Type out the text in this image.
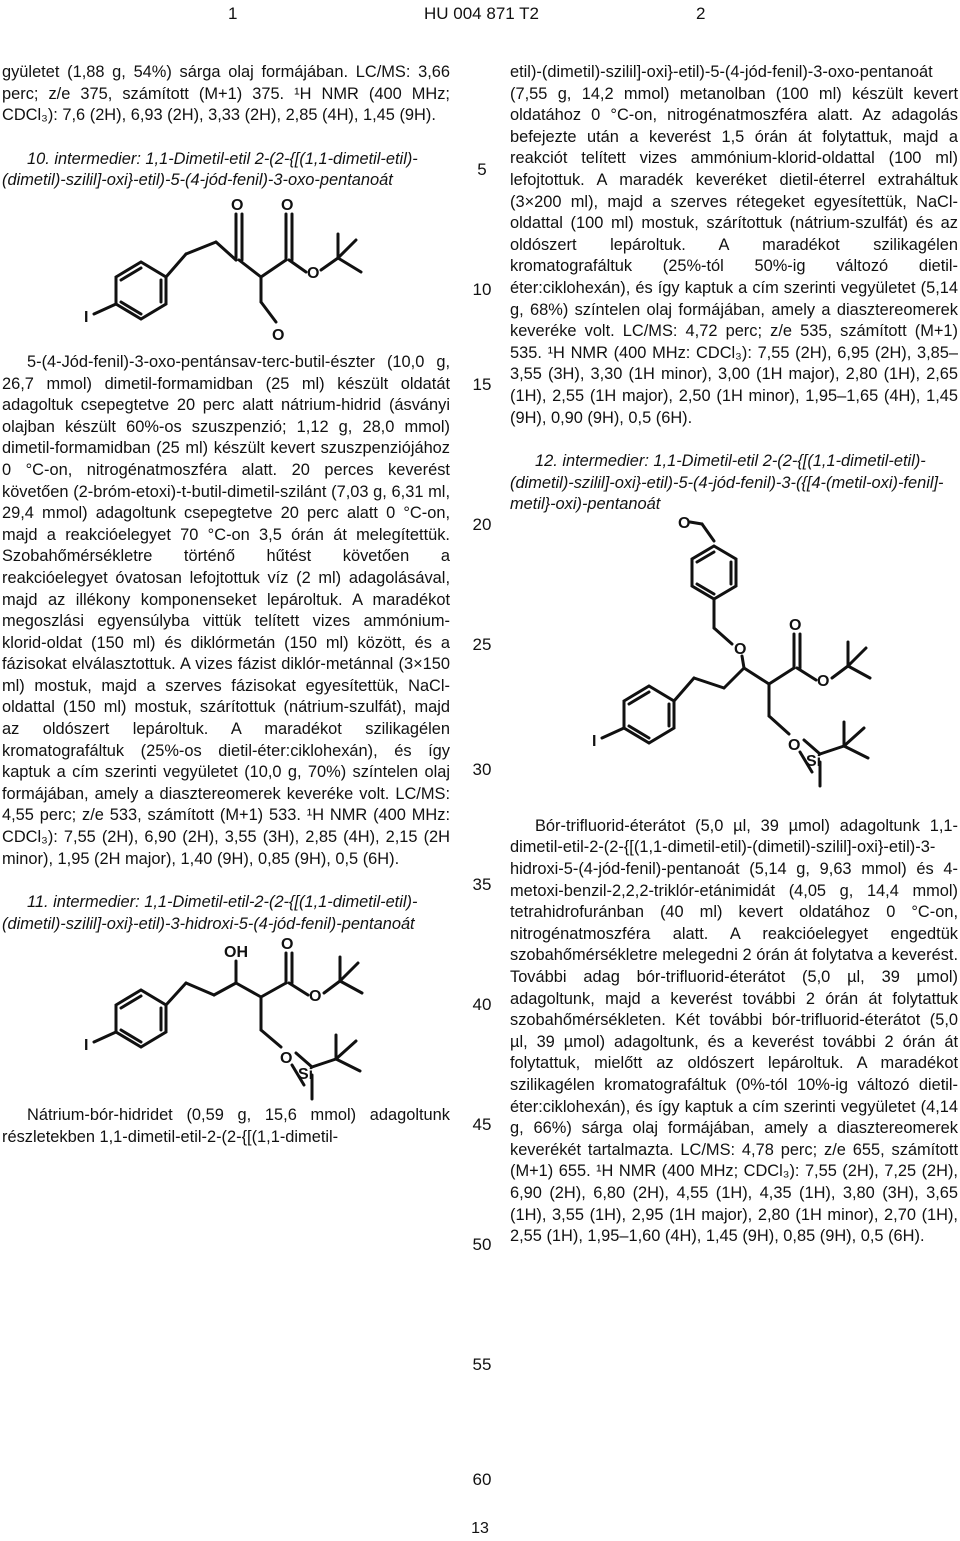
1	HU 004 871 T2	2

gyületet (1,88 g, 54%) sárga olaj formájában. LC/MS: 3,66 perc; z/e 375, számított (M+1) 375. ¹H NMR (400 MHz; CDCl₃): 7,6 (2H), 6,93 (2H), 3,33 (2H), 2,85 (4H), 1,45 (9H).

10. intermedier: 1,1-Dimetil-etil 2-(2-{[(1,1-dimetil-etil)-(dimetil)-szilil]-oxi}-etil)-5-(4-jód-fenil)-3-oxo-pentanoát

O O
O
I
O

5-(4-Jód-fenil)-3-oxo-pentánsav-terc-butil-észter (10,0 g, 26,7 mmol) dimetil-formamidban (25 ml) készült oldatát adagoltuk csepegtetve 20 perc alatt nátrium-hidrid (ásványi olajban készült 60%-os szuszpenzió; 1,12 g, 28,0 mmol) dimetil-formamidban (25 ml) készült kevert szuszpenziójához 0 °C-on, nitrogénatmoszféra alatt. 20 perces keverést követően (2-bróm-etoxi)-t-butil-dimetil-szilánt (7,03 g, 6,31 ml, 29,4 mmol) adagoltunk csepegtetve 20 perc alatt 0 °C-on, majd a reakcióelegyet 70 °C-on 3,5 órán át melegítettük. Szobahőmérsékletre történő hűtést követően a reakcióelegyet óvatosan lefojtottuk víz (2 ml) adagolásával, majd az illékony komponenseket lepároltuk. A maradékot megoszlási egyensúlyba vittük telített vizes ammónium-klorid-oldat (150 ml) és diklórmetán (150 ml) között, és a fázisokat elválasztottuk. A vizes fázist diklór-metánnal (3×150 ml) mostuk, majd a szerves fázisokat egyesítettük, NaCl-oldattal (150 ml) mostuk, szárítottuk (nátrium-szulfát), majd az oldószert lepároltuk. A maradékot szilikagélen kromatografáltuk (25%-os dietil-éter:ciklohexán), és így kaptuk a cím szerinti vegyületet (10,0 g, 70%) színtelen olaj formájában, amely a diasztereomerek keveréke volt. LC/MS: 4,55 perc; z/e 533, számított (M+1) 533. ¹H NMR (400 MHz: CDCl₃): 7,55 (2H), 6,90 (2H), 3,55 (3H), 2,85 (4H), 2,15 (2H minor), 1,95 (2H major), 1,40 (9H), 0,85 (9H), 0,5 (6H).

11. intermedier: 1,1-Dimetil-etil-2-(2-{[(1,1-dimetil-etil)-(dimetil)-szilil]-oxi}-etil)-3-hidroxi-5-(4-jód-fenil)-pentanoát

OH O
O
I
O
Si

Nátrium-bór-hidridet (0,59 g, 15,6 mmol) adagoltunk részletekben 1,1-dimetil-etil-2-(2-{[(1,1-dimetil-

5
10
15
20
25
30
35
40
45
50
55
60

etil)-(dimetil)-szilil]-oxi}-etil)-5-(4-jód-fenil)-3-oxo-pentanoát (7,55 g, 14,2 mmol) metanolban (100 ml) készült kevert oldatához 0 °C-on, nitrogénatmoszféra alatt. Az adagolás befejezte után a keverést 1,5 órán át folytattuk, majd a reakciót telített vizes ammónium-klorid-oldattal (100 ml) lefojtottuk. A maradék keveréket dietil-éterrel extraháltuk (3×200 ml), majd a szerves rétegeket egyesítettük, NaCl-oldattal (100 ml) mostuk, szárítottuk (nátrium-szulfát) és az oldószert lepároltuk. A maradékot szilikagélen kromatografáltuk (25%-tól 50%-ig változó dietil-éter:ciklohexán), és így kaptuk a cím szerinti vegyületet (5,14 g, 68%) színtelen olaj formájában, amely a diasztereomerek keveréke volt. LC/MS: 4,72 perc; z/e 535, számított (M+1) 535. ¹H NMR (400 MHz: CDCl₃): 7,55 (2H), 6,95 (2H), 3,85–3,55 (3H), 3,30 (1H minor), 3,00 (1H major), 2,80 (1H), 2,65 (1H), 2,55 (1H major), 2,50 (1H minor), 1,95–1,65 (4H), 1,45 (9H), 0,90 (9H), 0,5 (6H).

12. intermedier: 1,1-Dimetil-etil 2-(2-{[(1,1-dimetil-etil)-(dimetil)-szilil]-oxi}-etil)-5-(4-jód-fenil)-3-({[4-(metil-oxi)-fenil]-metil}-oxi)-pentanoát

O
O
O
O
I	O
Si

Bór-trifluorid-éterátot (5,0 µl, 39 µmol) adagoltunk 1,1-dimetil-etil-2-(2-{[(1,1-dimetil-etil)-(dimetil)-szilil]-oxi}-etil)-3-hidroxi-5-(4-jód-fenil)-pentanoát (5,14 g, 9,63 mmol) és 4-metoxi-benzil-2,2,2-triklór-etánimidát (4,05 g, 14,4 mmol) tetrahidrofuránban (40 ml) kevert oldatához 0 °C-on, nitrogénatmoszféra alatt. A reakcióelegyet engedtük szobahőmérsékletre melegedni 2 órán át folytatva a keverést. További adag bór-trifluorid-éterátot (5,0 µl, 39 µmol) adagoltunk, majd a keverést további 2 órán át folytattuk szobahőmérsékleten. Két további bór-trifluorid-éterátot (5,0 µl, 39 µmol) adagoltunk, és a keverést további 2 órán át folytattuk, mielőtt az oldószert lepároltuk. A maradékot szilikagélen kromatografáltuk (0%-tól 10%-ig változó dietil-éter:ciklohexán), és így kaptuk a cím szerinti vegyületet (4,14 g, 66%) sárga olaj formájában, amely a diasztereomerek keverékét tartalmazta. LC/MS: 4,78 perc; z/e 655, számított (M+1) 655. ¹H NMR (400 MHz; CDCl₃): 7,55 (2H), 7,25 (2H), 6,90 (2H), 6,80 (2H), 4,55 (1H), 4,35 (1H), 3,80 (3H), 3,65 (1H), 3,55 (1H), 2,95 (1H major), 2,80 (1H minor), 2,70 (1H), 2,55 (1H), 1,95–1,60 (4H), 1,45 (9H), 0,85 (9H), 0,5 (6H).

13
